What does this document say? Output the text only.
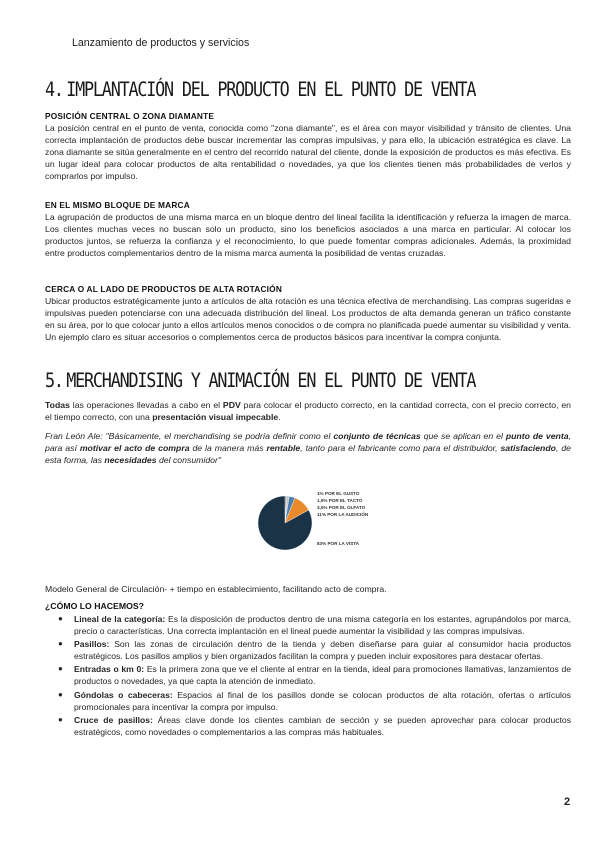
Lanzamiento de productos y servicios
4. IMPLANTACIÓN DEL PRODUCTO EN EL PUNTO DE VENTA
POSICIÓN CENTRAL O ZONA DIAMANTE
La posición central en el punto de venta, conocida como "zona diamante", es el área con mayor visibilidad y tránsito de clientes. Una correcta implantación de productos debe buscar incrementar las compras impulsivas, y para ello, la ubicación estratégica es clave. La zona diamante se sitúa generalmente en el centro del recorrido natural del cliente, donde la exposición de productos es más efectiva. Es un lugar ideal para colocar productos de alta rentabilidad o novedades, ya que los clientes tienen más probabilidades de verlos y comprarlos por impulso.
EN EL MISMO BLOQUE DE MARCA
La agrupación de productos de una misma marca en un bloque dentro del lineal facilita la identificación y refuerza la imagen de marca. Los clientes muchas veces no buscan solo un producto, sino los beneficios asociados a una marca en particular. Al colocar los productos juntos, se refuerza la confianza y el reconocimiento, lo que puede fomentar compras adicionales. Además, la proximidad entre productos complementarios dentro de la misma marca aumenta la posibilidad de ventas cruzadas.
CERCA O AL LADO DE PRODUCTOS DE ALTA ROTACIÓN
Ubicar productos estratégicamente junto a artículos de alta rotación es una técnica efectiva de merchandising. Las compras sugeridas e impulsivas pueden potenciarse con una adecuada distribución del lineal. Los productos de alta demanda generan un tráfico constante en su área, por lo que colocar junto a ellos artículos menos conocidos o de compra no planificada puede aumentar su visibilidad y venta. Un ejemplo claro es situar accesorios o complementos cerca de productos básicos para incentivar la compra conjunta.
5. MERCHANDISING Y ANIMACIÓN EN EL PUNTO DE VENTA
Todas las operaciones llevadas a cabo en el PDV para colocar el producto correcto, en la cantidad correcta, con el precio correcto, en el tiempo correcto, con una presentación visual impecable.
Fran León Ale: "Básicamente, el merchandising se podría definir como el conjunto de técnicas que se aplican en el punto de venta, para así motivar el acto de compra de la manera más rentable, tanto para el fabricante como para el distribuidor, satisfaciendo, de esta forma, las necesidades del consumidor"
1% POR EL GUSTO
1,5% POR EL TACTO
3,5% POR EL OLFATO
11% POR LA AUDICIÓN
83% POR LA VISTA
Modelo General de Circulación- + tiempo en establecimiento, facilitando acto de compra.
¿CÓMO LO HACEMOS?
● Lineal de la categoría: Es la disposición de productos dentro de una misma categoría en los estantes, agrupándolos por marca, precio o características. Una correcta implantación en el lineal puede aumentar la visibilidad y las compras impulsivas.
● Pasillos: Son las zonas de circulación dentro de la tienda y deben diseñarse para guiar al consumidor hacia productos estratégicos. Los pasillos amplios y bien organizados facilitan la compra y pueden incluir expositores para destacar ofertas.
● Entradas o km 0: Es la primera zona que ve el cliente al entrar en la tienda, ideal para promociones llamativas, lanzamientos de productos o novedades, ya que capta la atención de inmediato.
● Góndolas o cabeceras: Espacios al final de los pasillos donde se colocan productos de alta rotación, ofertas o artículos promocionales para incentivar la compra por impulso.
● Cruce de pasillos: Áreas clave donde los clientes cambian de sección y se pueden aprovechar para colocar productos estratégicos, como novedades o complementarios a las compras más habituales.
2
